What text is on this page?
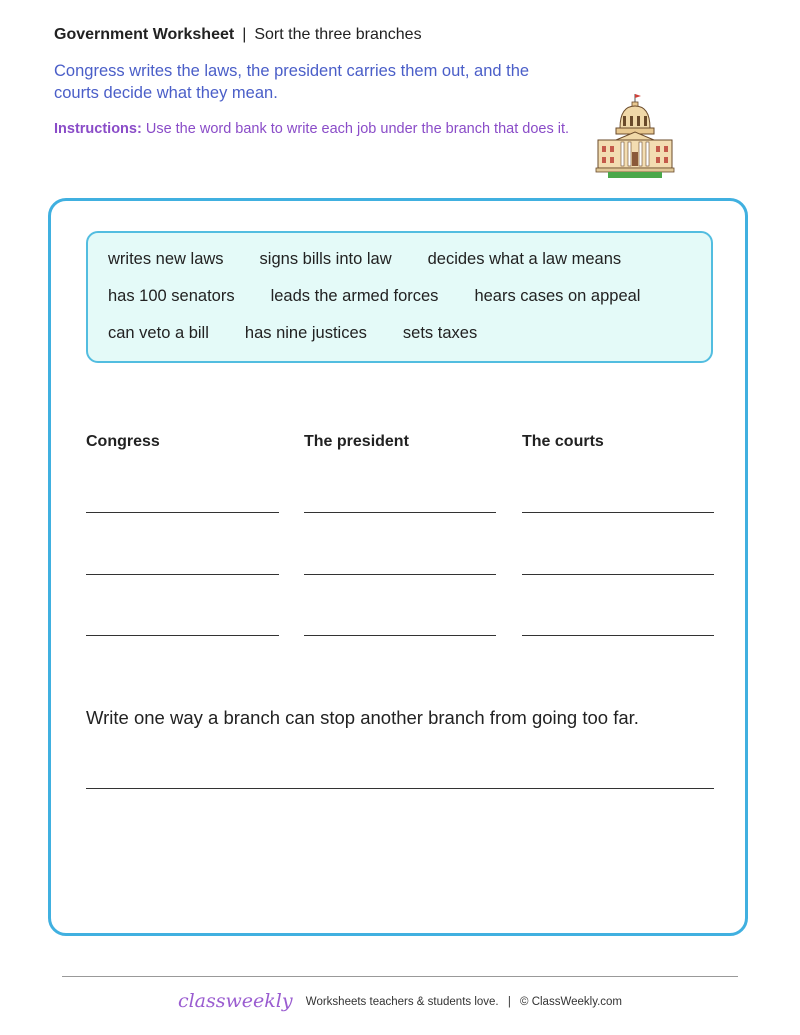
Government Worksheet | Sort the three branches
Congress writes the laws, the president carries them out, and the courts decide what they mean.
Instructions: Use the word bank to write each job under the branch that does it.
writes new laws signs bills into law decides what a law means
has 100 senators leads the armed forces hears cases on appeal
can veto a bill has nine justices sets taxes
Congress	The president	The courts
Write one way a branch can stop another branch from going too far.
classweekly Worksheets teachers & students love. | © ClassWeekly.com
